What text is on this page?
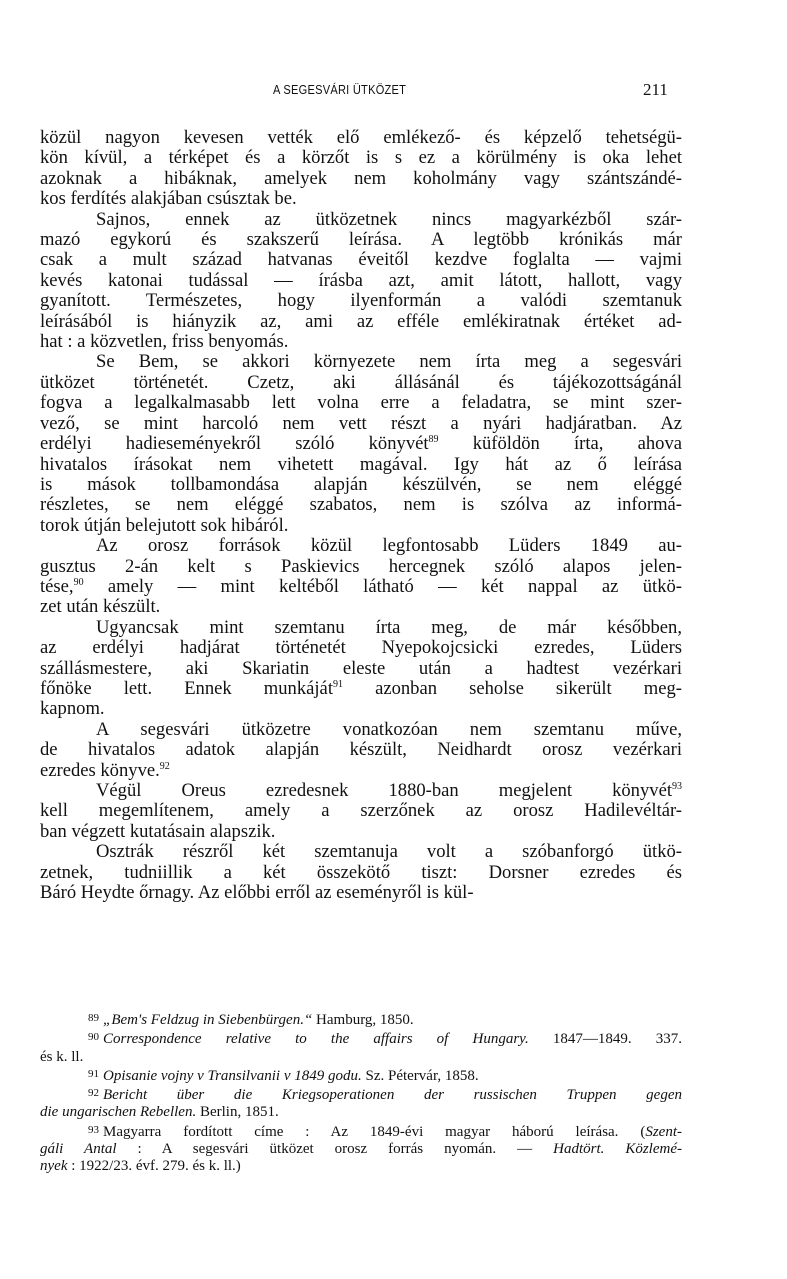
A SEGESVÁRI ÜTKÖZET	211
közül nagyon kevesen vették elő emlékező- és képzelő tehetségü-
kön kívül, a térképet és a körzőt is s ez a körülmény is oka lehet
azoknak a hibáknak, amelyek nem koholmány vagy szántszándé-
kos ferdítés alakjában csúsztak be.
Sajnos, ennek az ütközetnek nincs magyarkézből szár-
mazó egykorú és szakszerű leírása. A legtöbb krónikás már
csak a mult század hatvanas éveitől kezdve foglalta — vajmi
kevés katonai tudással — írásba azt, amit látott, hallott, vagy
gyanított. Természetes, hogy ilyenformán a valódi szemtanuk
leírásából is hiányzik az, ami az efféle emlékiratnak értéket ad-
hat : a közvetlen, friss benyomás.
Se Bem, se akkori környezete nem írta meg a segesvári
ütközet történetét. Czetz, aki állásánál és tájékozottságánál
fogva a legalkalmasabb lett volna erre a feladatra, se mint szer-
vező, se mint harcoló nem vett részt a nyári hadjáratban. Az
erdélyi hadieseményekről szóló könyvét$^{89}$ küföldön írta, ahova
hivatalos írásokat nem vihetett magával. Igy hát az ő leírása
is mások tollbamondása alapján készülvén, se nem eléggé
részletes, se nem eléggé szabatos, nem is szólva az informá-
torok útján belejutott sok hibáról.
Az orosz források közül legfontosabb Lüders 1849 au-
gusztus 2-án kelt s Paskievics hercegnek szóló alapos jelen-
tése,$^{90}$ amely — mint keltéből látható — két nappal az ütkö-
zet után készült.
Ugyancsak mint szemtanu írta meg, de már későbben,
az erdélyi hadjárat történetét Nyepokojcsicki ezredes, Lüders
szállásmestere, aki Skariatin eleste után a hadtest vezérkari
főnöke lett. Ennek munkáját$^{91}$ azonban seholse sikerült meg-
kapnom.
A segesvári ütközetre vonatkozóan nem szemtanu műve,
de hivatalos adatok alapján készült, Neidhardt orosz vezérkari
ezredes könyve.$^{92}$
Végül Oreus ezredesnek 1880-ban megjelent könyvét$^{93}$
kell megemlítenem, amely a szerzőnek az orosz Hadilevéltár-
ban végzett kutatásain alapszik.
Osztrák részről két szemtanuja volt a szóbanforgó ütkö-
zetnek, tudniillik a két összekötő tiszt: Dorsner ezredes és
Báró Heydte őrnagy. Az előbbi erről az eseményről is kül-
$^{89}$ „Bem's Feldzug in Siebenbürgen.“ Hamburg, 1850.
$^{90}$ Correspondence relative to the affairs of Hungary. 1847—1849. 337.
és k. ll.
$^{91}$ Opisanie vojny v Transilvanii v 1849 godu. Sz. Pétervár, 1858.
$^{92}$ Bericht über die Kriegsoperationen der russischen Truppen gegen
die ungarischen Rebellen. Berlin, 1851.
$^{93}$ Magyarra fordított címe : Az 1849-évi magyar háború leírása. (Szent-
gáli Antal : A segesvári ütközet orosz forrás nyomán. — Hadtört. Közlemé-
nyek : 1922/23. évf. 279. és k. ll.)
